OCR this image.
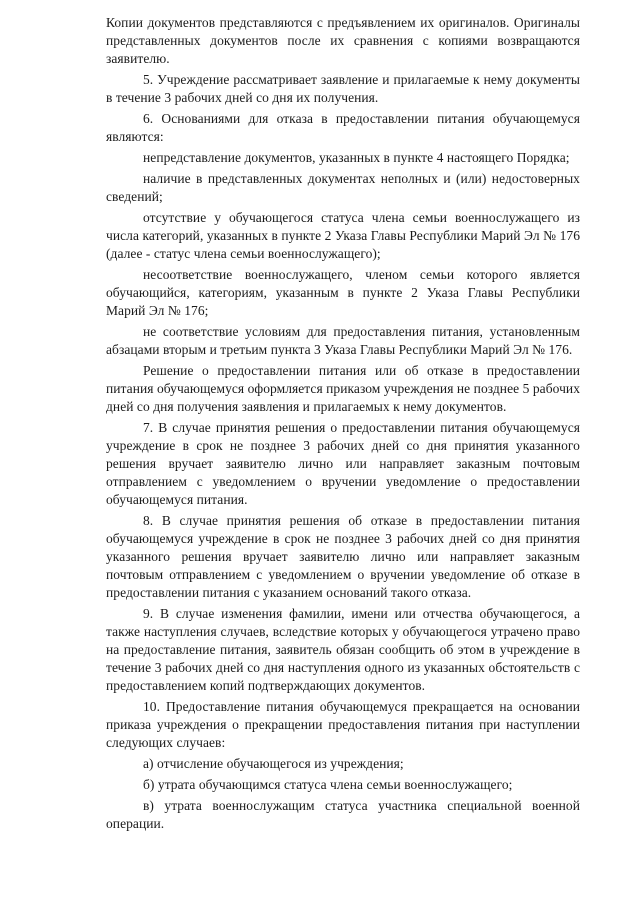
Копии документов представляются с предъявлением их оригиналов. Оригиналы представленных документов после их сравнения с копиями возвращаются заявителю.

5. Учреждение рассматривает заявление и прилагаемые к нему документы в течение 3 рабочих дней со дня их получения.

6. Основаниями для отказа в предоставлении питания обучающемуся являются:

непредставление документов, указанных в пункте 4 настоящего Порядка;

наличие в представленных документах неполных и (или) недостоверных сведений;

отсутствие у обучающегося статуса члена семьи военнослужащего из числа категорий, указанных в пункте 2 Указа Главы Республики Марий Эл № 176 (далее - статус члена семьи военнослужащего);

несоответствие военнослужащего, членом семьи которого является обучающийся, категориям, указанным в пункте 2 Указа Главы Республики Марий Эл № 176;

не соответствие условиям для предоставления питания, установленным абзацами вторым и третьим пункта 3 Указа Главы Республики Марий Эл № 176.

Решение о предоставлении питания или об отказе в предоставлении питания обучающемуся оформляется приказом учреждения не позднее 5 рабочих дней со дня получения заявления и прилагаемых к нему документов.

7. В случае принятия решения о предоставлении питания обучающемуся учреждение в срок не позднее 3 рабочих дней со дня принятия указанного решения вручает заявителю лично или направляет заказным почтовым отправлением с уведомлением о вручении уведомление о предоставлении обучающемуся питания.

8. В случае принятия решения об отказе в предоставлении питания обучающемуся учреждение в срок не позднее 3 рабочих дней со дня принятия указанного решения вручает заявителю лично или направляет заказным почтовым отправлением с уведомлением о вручении уведомление об отказе в предоставлении питания с указанием оснований такого отказа.

9. В случае изменения фамилии, имени или отчества обучающегося, а также наступления случаев, вследствие которых у обучающегося утрачено право на предоставление питания, заявитель обязан сообщить об этом в учреждение в течение 3 рабочих дней со дня наступления одного из указанных обстоятельств с предоставлением копий подтверждающих документов.

10. Предоставление питания обучающемуся прекращается на основании приказа учреждения о прекращении предоставления питания при наступлении следующих случаев:

а) отчисление обучающегося из учреждения;

б) утрата обучающимся статуса члена семьи военнослужащего;

в) утрата военнослужащим статуса участника специальной военной операции.
